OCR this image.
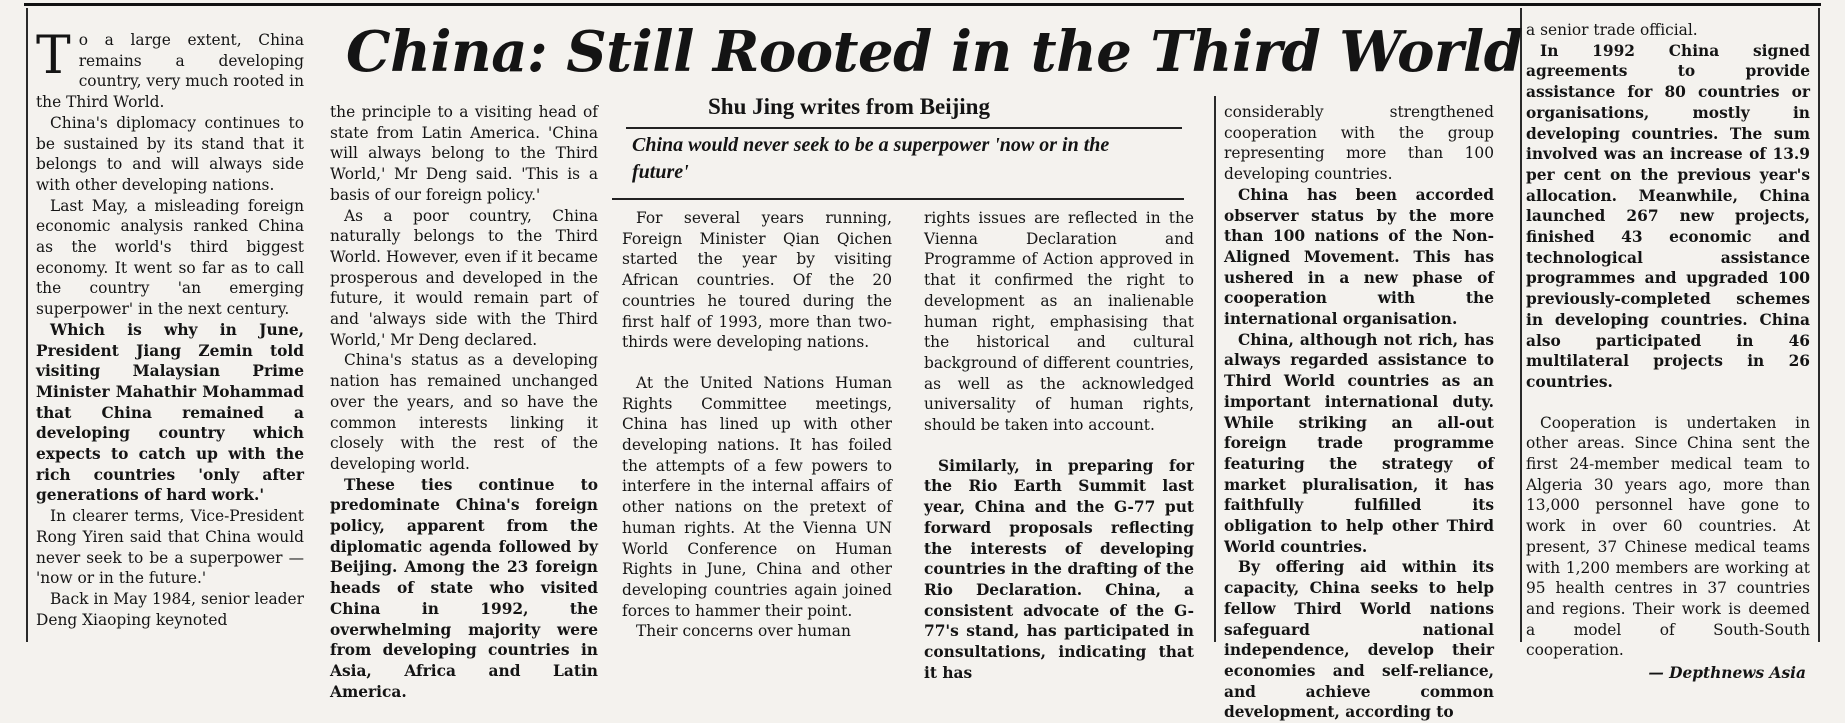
China: Still Rooted in the Third World
Shu Jing writes from Beijing
China would never seek to be a superpower 'now or in the future'

To a large extent, China remains a developing country, very much rooted in the Third World.

China's diplomacy continues to be sustained by its stand that it belongs to and will always side with other developing nations.

Last May, a misleading foreign economic analysis ranked China as the world's third biggest economy. It went so far as to call the country 'an emerging superpower' in the next century.

Which is why in June, President Jiang Zemin told visiting Malaysian Prime Minister Mahathir Mohammad that China remained a developing country which expects to catch up with the rich countries 'only after generations of hard work.'

In clearer terms, Vice-President Rong Yiren said that China would never seek to be a superpower — 'now or in the future.'

Back in May 1984, senior leader Deng Xiaoping keynoted

the principle to a visiting head of state from Latin America. 'China will always belong to the Third World,' Mr Deng said. 'This is a basis of our foreign policy.'

As a poor country, China naturally belongs to the Third World. However, even if it became prosperous and developed in the future, it would remain part of and 'always side with the Third World,' Mr Deng declared.

China's status as a developing nation has remained unchanged over the years, and so have the common interests linking it closely with the rest of the developing world.

These ties continue to predominate China's foreign policy, apparent from the diplomatic agenda followed by Beijing. Among the 23 foreign heads of state who visited China in 1992, the overwhelming majority were from developing countries in Asia, Africa and Latin America.

For several years running, Foreign Minister Qian Qichen started the year by visiting African countries. Of the 20 countries he toured during the first half of 1993, more than two-thirds were developing nations.

At the United Nations Human Rights Committee meetings, China has lined up with other developing nations. It has foiled the attempts of a few powers to interfere in the internal affairs of other nations on the pretext of human rights. At the Vienna UN World Conference on Human Rights in June, China and other developing countries again joined forces to hammer their point.

Their concerns over human

rights issues are reflected in the Vienna Declaration and Programme of Action approved in that it confirmed the right to development as an inalienable human right, emphasising that the historical and cultural background of different countries, as well as the acknowledged universality of human rights, should be taken into account.

Similarly, in preparing for the Rio Earth Summit last year, China and the G-77 put forward proposals reflecting the interests of developing countries in the drafting of the Rio Declaration. China, a consistent advocate of the G-77's stand, has participated in consultations, indicating that it has

considerably strengthened cooperation with the group representing more than 100 developing countries.

China has been accorded observer status by the more than 100 nations of the Non-Aligned Movement. This has ushered in a new phase of cooperation with the international organisation.

China, although not rich, has always regarded assistance to Third World countries as an important international duty. While striking an all-out foreign trade programme featuring the strategy of market pluralisation, it has faithfully fulfilled its obligation to help other Third World countries.

By offering aid within its capacity, China seeks to help fellow Third World nations safeguard national independence, develop their economies and self-reliance, and achieve common development, according to

a senior trade official.

In 1992 China signed agreements to provide assistance for 80 countries or organisations, mostly in developing countries. The sum involved was an increase of 13.9 per cent on the previous year's allocation. Meanwhile, China launched 267 new projects, finished 43 economic and technological assistance programmes and upgraded 100 previously-completed schemes in developing countries. China also participated in 46 multilateral projects in 26 countries.

Cooperation is undertaken in other areas. Since China sent the first 24-member medical team to Algeria 30 years ago, more than 13,000 personnel have gone to work in over 60 countries. At present, 37 Chinese medical teams with 1,200 members are working at 95 health centres in 37 countries and regions. Their work is deemed a model of South-South cooperation.

— Depthnews Asia
